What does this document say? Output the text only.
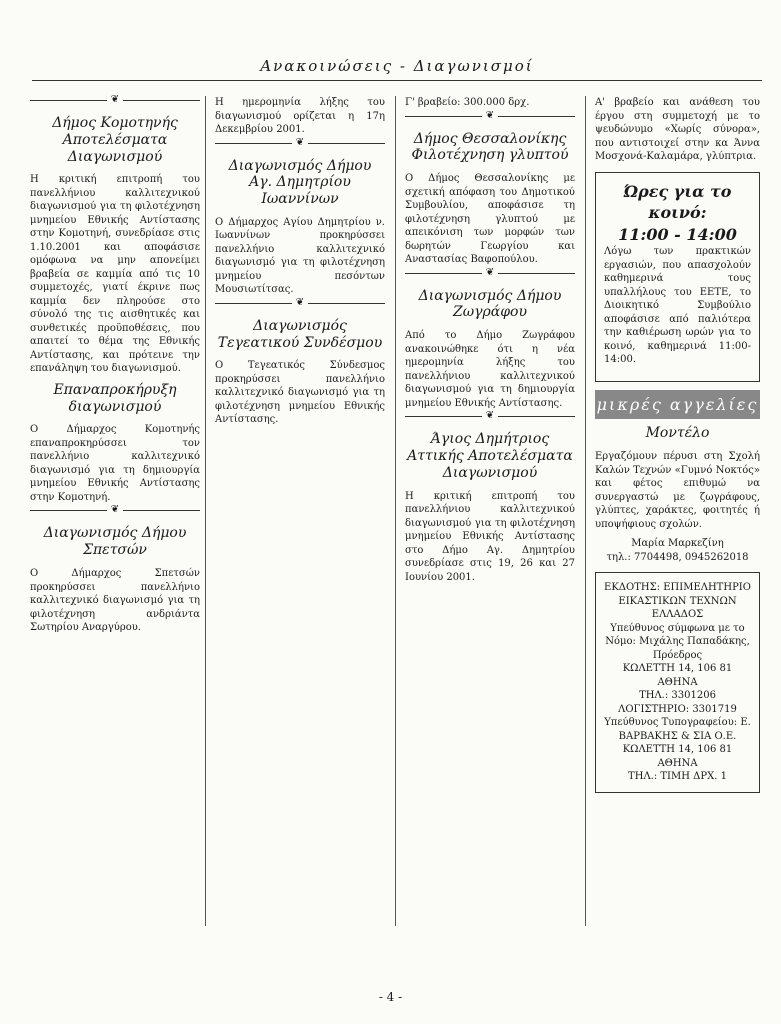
Ανακοινώσεις - Διαγωνισμοί
❦
Δήμος Κομοτηνής Αποτελέσματα Διαγωνισμού

Η κριτική επιτροπή του πανελλήνιου καλλιτεχνικού διαγωνισμού για τη φιλοτέχνηση μνημείου Εθνικής Αντίστασης στην Κομοτηνή, συνεδρίασε στις 1.10.2001 και αποφάσισε ομόφωνα να μην απονείμει βραβεία σε καμμία από τις 10 συμμετοχές, γιατί έκρινε πως καμμία δεν πληρούσε στο σύνολό της τις αισθητικές και συνθετικές προϋποθέσεις, που απαιτεί το θέμα της Εθνικής Αντίστασης, και πρότεινε την επανάληψη του διαγωνισμού.

Επαναπροκήρυξη διαγωνισμού

Ο Δήμαρχος Κομοτηνής επαναπροκηρύσσει τον πανελλήνιο καλλιτεχνικό διαγωνισμό για τη δημιουργία μνημείου Εθνικής Αντίστασης στην Κομοτηνή.

❦
Διαγωνισμός Δήμου Σπετσών

Ο Δήμαρχος Σπετσών προκηρύσσει πανελλήνιο καλλιτεχνικό διαγωνισμό για τη φιλοτέχνηση ανδριάντα Σωτηρίου Αναργύρου.

Η ημερομηνία λήξης του διαγωνισμού ορίζεται η 17η Δεκεμβρίου 2001.

❦
Διαγωνισμός Δήμου Αγ. Δημητρίου Ιωαννίνων

Ο Δήμαρχος Αγίου Δημητρίου ν. Ιωαννίνων προκηρύσσει πανελλήνιο καλλιτεχνικό διαγωνισμό για τη φιλοτέχνηση μνημείου πεσόντων Μουσιωτίτσας.

❦
Διαγωνισμός Τεγεατικού Συνδέσμου

Ο Τεγεατικός Σύνδεσμος προκηρύσσει πανελλήνιο καλλιτεχνικό διαγωνισμό για τη φιλοτέχνηση μνημείου Εθνικής Αντίστασης.

Γ' βραβείο: 300.000 δρχ.

❦
Δήμος Θεσσαλονίκης Φιλοτέχνηση γλυπτού

Ο Δήμος Θεσσαλονίκης με σχετική απόφαση του Δημοτικού Συμβουλίου, αποφάσισε τη φιλοτέχνηση γλυπτού με απεικόνιση των μορφών των δωρητών Γεωργίου και Αναστασίας Βαφοπούλου.

❦
Διαγωνισμός Δήμου Ζωγράφου

Από το Δήμο Ζωγράφου ανακοινώθηκε ότι η νέα ημερομηνία λήξης του πανελλήνιου καλλιτεχνικού διαγωνισμού για τη δημιουργία μνημείου Εθνικής Αντίστασης.

❦
Άγιος Δημήτριος Αττικής Αποτελέσματα Διαγωνισμού

Η κριτική επιτροπή του πανελλήνιου καλλιτεχνικού διαγωνισμού για τη φιλοτέχνηση μνημείου Εθνικής Αντίστασης στο Δήμο Αγ. Δημητρίου συνεδρίασε στις 19, 26 και 27 Ιουνίου 2001.

Α' βραβείο και ανάθεση του έργου στη συμμετοχή με το ψευδώνυμο «Χωρίς σύνορα», που αντιστοιχεί στην κα Άννα Μοσχονά-Καλαμάρα, γλύπτρια.

Ώρες για το κοινό:
11:00 - 14:00

Λόγω των πρακτικών εργασιών, που απασχολούν καθημερινά τους υπαλλήλους του ΕΕΤΕ, το Διοικητικό Συμβούλιο αποφάσισε από παλιότερα την καθιέρωση ωρών για το κοινό, καθημερινά 11:00-14:00.

μικρές αγγελίες
Μοντέλο

Εργαζόμουν πέρυσι στη Σχολή Καλών Τεχνών «Γυμνό Νοκτός» και φέτος επιθυμώ να συνεργαστώ με ζωγράφους, γλύπτες, χαράκτες, φοιτητές ή υποψήφιους σχολών.

Μαρία Μαρκεζίνη
τηλ.: 7704498, 0945262018
ΕΚΔΟΤΗΣ: ΕΠΙΜΕΛΗΤΗΡΙΟ ΕΙΚΑΣΤΙΚΩΝ ΤΕΧΝΩΝ ΕΛΛΑΔΟΣ
Υπεύθυνος σύμφωνα με το Νόμο: Μιχάλης Παπαδάκης, Πρόεδρος
ΚΩΛΕΤΤΗ 14, 106 81 ΑΘΗΝΑ
ΤΗΛ.: 3301206
ΛΟΓΙΣΤΗΡΙΟ: 3301719
Υπεύθυνος Τυπογραφείου: Ε. ΒΑΡΒΑΚΗΣ & ΣΙΑ Ο.Ε.
ΚΩΛΕΤΤΗ 14, 106 81 ΑΘΗΝΑ
ΤΗΛ.: ΤΙΜΗ ΔΡΧ. 1
- 4 -
